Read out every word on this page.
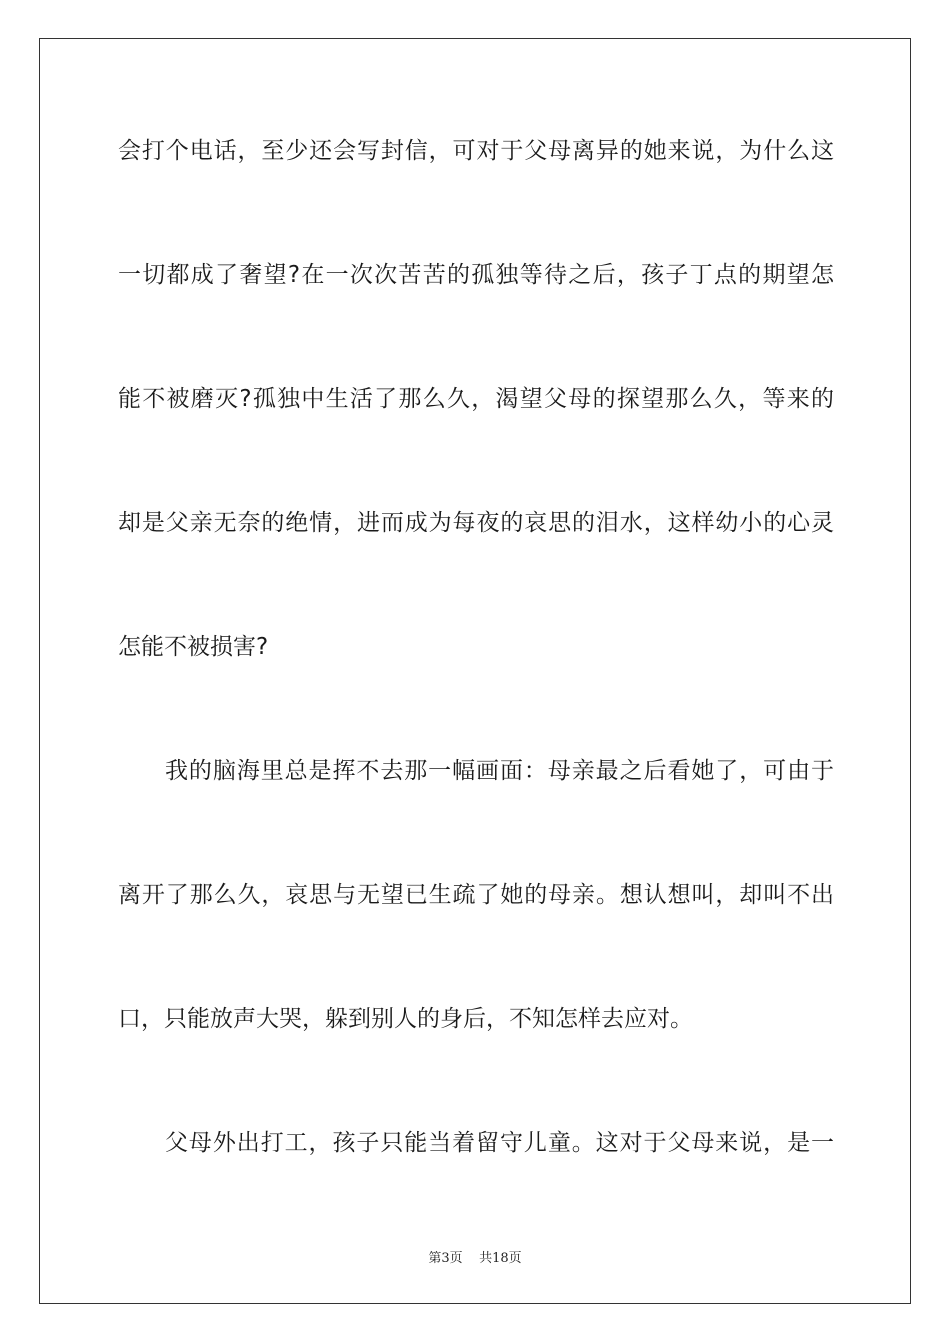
会打个电话，至少还会写封信，可对于父母离异的她来说，为什么这
一切都成了奢望?在一次次苦苦的孤独等待之后，孩子丁点的期望怎
能不被磨灭?孤独中生活了那么久，渴望父母的探望那么久，等来的
却是父亲无奈的绝情，进而成为每夜的哀思的泪水，这样幼小的心灵
怎能不被损害?
我的脑海里总是挥不去那一幅画面：母亲最之后看她了，可由于
离开了那么久，哀思与无望已生疏了她的母亲。想认想叫，却叫不出
口，只能放声大哭，躲到别人的身后，不知怎样去应对。
父母外出打工，孩子只能当着留守儿童。这对于父母来说，是一
第3页 共18页
